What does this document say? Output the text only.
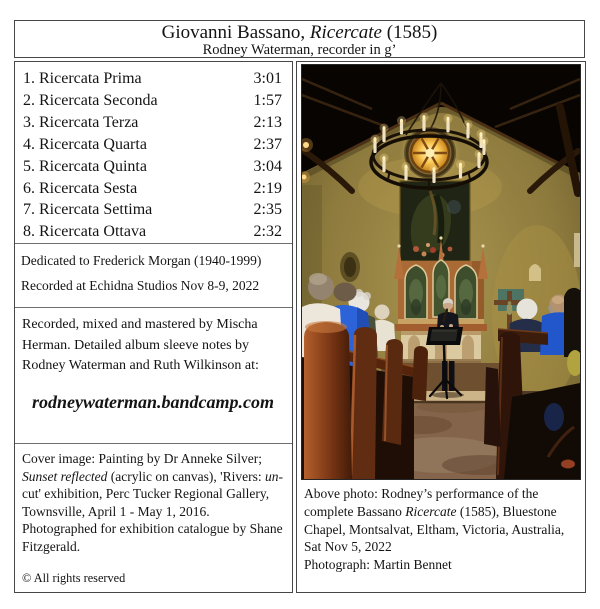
Giovanni Bassano, Ricercate (1585)
Rodney Waterman, recorder in g’
1. Ricercata Prima	3:01
2. Ricercata Seconda	1:57
3. Ricercata Terza	2:13
4. Ricercata Quarta	2:37
5. Ricercata Quinta	3:04
6. Ricercata Sesta	2:19
7. Ricercata Settima	2:35
8. Ricercata Ottava	2:32

Dedicated to Frederick Morgan (1940-1999)

Recorded at Echidna Studios Nov 8-9, 2022

Recorded, mixed and mastered by Mischa Herman. Detailed album sleeve notes by Rodney Waterman and Ruth Wilkinson at:

rodneywaterman.bandcamp.com

Cover image: Painting by Dr Anneke Silver; Sunset reflected (acrylic on canvas), 'Rivers: un-cut' exhibition, Perc Tucker Regional Gallery, Townsville, April 1 - May 1, 2016. Photographed for exhibition catalogue by Shane Fitzgerald.

© All rights reserved

Above photo: Rodney’s performance of the complete Bassano Ricercate (1585), Bluestone Chapel, Montsalvat, Eltham, Victoria, Australia, Sat Nov 5, 2022

Photograph: Martin Bennet
